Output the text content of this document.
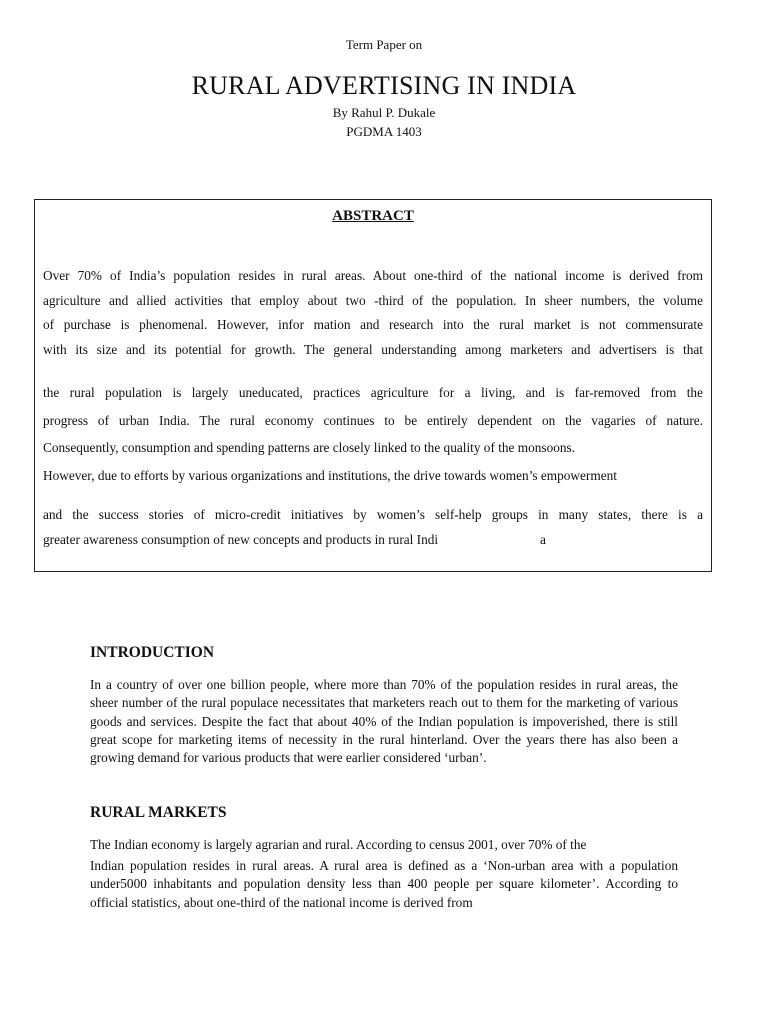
Term Paper on
RURAL ADVERTISING IN INDIA
By Rahul P. Dukale
PGDMA 1403
ABSTRACT
Over 70% of India’s population resides in rural areas. About one-third of the national income is derived from
agriculture and allied activities that employ about two -third of the population. In sheer numbers, the volume
of purchase is phenomenal. However, infor mation and research into the rural market is not commensurate
with its size and its potential for growth. The general understanding among marketers and advertisers is that
the rural population is largely uneducated, practices agriculture for a living, and is far-removed from the
progress of urban India. The rural economy continues to be entirely dependent on the vagaries of nature.
Consequently, consumption and spending patterns are closely linked to the quality of the monsoons.
However, due to efforts by various organizations and institutions, the drive towards women’s empowerment
and the success stories of micro-credit initiatives by women’s self-help groups in many states, there is a
greater awareness consumption of new concepts and products in rural Indi	a
INTRODUCTION
In a country of over one billion people, where more than 70% of the population resides in rural areas, the sheer number of the rural populace necessitates that marketers reach out to them for the marketing of various goods and services. Despite the fact that about 40% of the Indian population is impoverished, there is still great scope for marketing items of necessity in the rural hinterland. Over the years there has also been a growing demand for various products that were earlier considered ‘urban’.
RURAL MARKETS
The Indian economy is largely agrarian and rural. According to census 2001, over 70% of the
Indian population resides in rural areas. A rural area is defined as a ‘Non-urban area with a population under5000 inhabitants and population density less than 400 people per square kilometer’. According to official statistics, about one-third of the national income is derived from
